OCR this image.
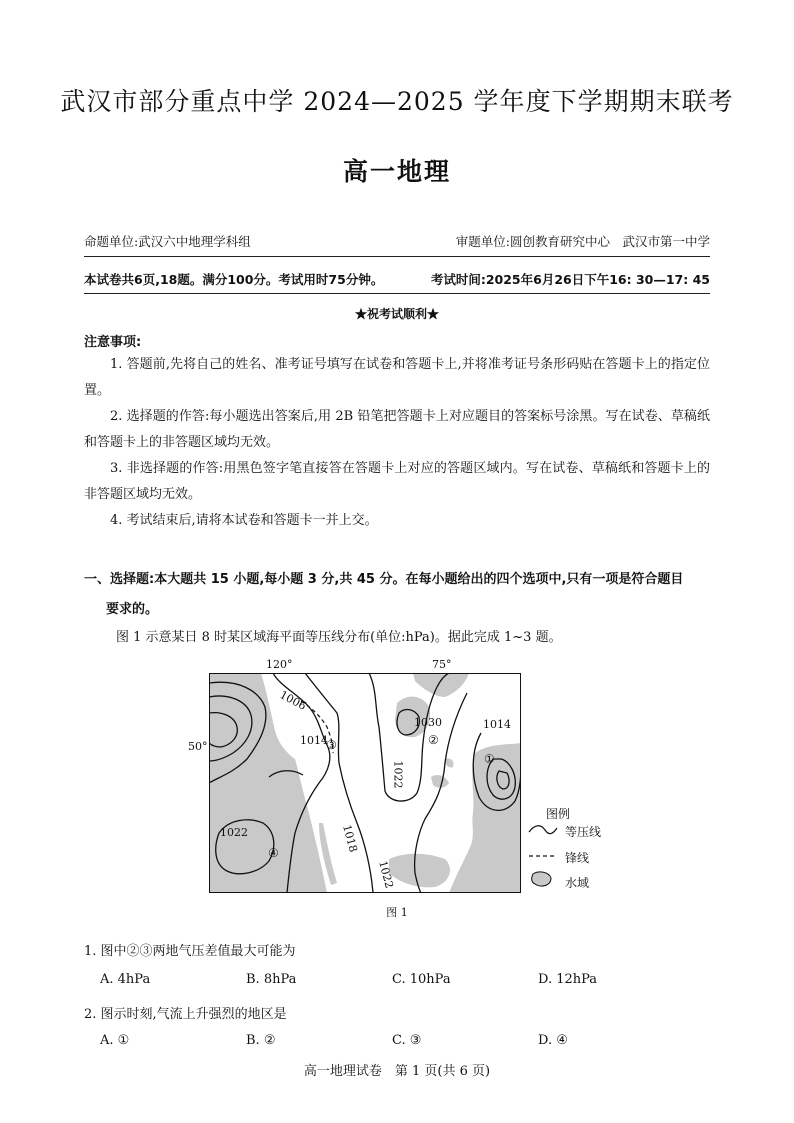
武汉市部分重点中学 2024—2025 学年度下学期期末联考
高一地理
命题单位:武汉六中地理学科组	审题单位:圆创教育研究中心　武汉市第一中学
本试卷共6页,18题。满分100分。考试用时75分钟。	考试时间:2025年6月26日下午16: 30—17: 45
★祝考试顺利★
注意事项:
1. 答题前,先将自己的姓名、准考证号填写在试卷和答题卡上,并将准考证号条形码贴在答题卡上的指定位置。
2. 选择题的作答:每小题选出答案后,用 2B 铅笔把答题卡上对应题目的答案标号涂黑。写在试卷、草稿纸和答题卡上的非答题区域均无效。
3. 非选择题的作答:用黑色签字笔直接答在答题卡上对应的答题区域内。写在试卷、草稿纸和答题卡上的非答题区域均无效。
4. 考试结束后,请将本试卷和答题卡一并上交。
一、选择题:本大题共 15 小题,每小题 3 分,共 45 分。在每小题给出的四个选项中,只有一项是符合题目
要求的。
图 1 示意某日 8 时某区域海平面等压线分布(单位:hPa)。据此完成 1~3 题。
120°	75°
50°
1006
1014
1030	1014
1022
1022	1018
1022
①
②
③
④
图例
等压线
锋线
水域
图 1
1. 图中②③两地气压差值最大可能为
A. 4hPa	B. 8hPa	C. 10hPa	D. 12hPa
2. 图示时刻,气流上升强烈的地区是
A. ①	B. ②	C. ③	D. ④
高一地理试卷　第 1 页(共 6 页)
